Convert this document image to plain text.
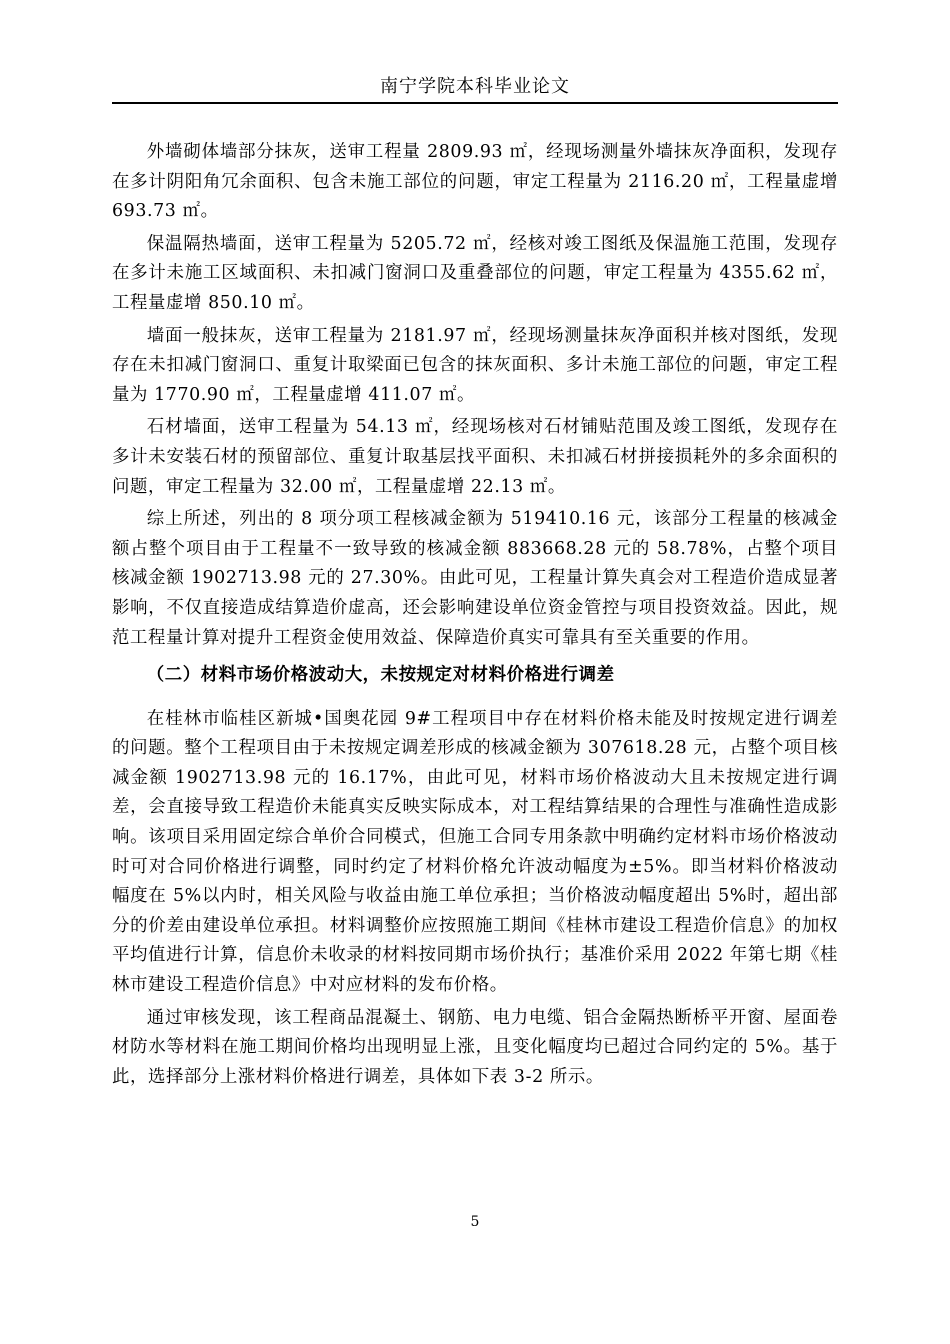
南宁学院本科毕业论文

外墙砌体墙部分抹灰，送审工程量 2809.93 ㎡，经现场测量外墙抹灰净面积，发现存在多计阴阳角冗余面积、包含未施工部位的问题，审定工程量为 2116.20 ㎡，工程量虚增 693.73 ㎡。

保温隔热墙面，送审工程量为 5205.72 ㎡，经核对竣工图纸及保温施工范围，发现存在多计未施工区域面积、未扣减门窗洞口及重叠部位的问题，审定工程量为 4355.62 ㎡，工程量虚增 850.10 ㎡。

墙面一般抹灰，送审工程量为 2181.97 ㎡，经现场测量抹灰净面积并核对图纸，发现存在未扣减门窗洞口、重复计取梁面已包含的抹灰面积、多计未施工部位的问题，审定工程量为 1770.90 ㎡，工程量虚增 411.07 ㎡。

石材墙面，送审工程量为 54.13 ㎡，经现场核对石材铺贴范围及竣工图纸，发现存在多计未安装石材的预留部位、重复计取基层找平面积、未扣减石材拼接损耗外的多余面积的问题，审定工程量为 32.00 ㎡，工程量虚增 22.13 ㎡。

综上所述，列出的 8 项分项工程核减金额为 519410.16 元，该部分工程量的核减金额占整个项目由于工程量不一致导致的核减金额 883668.28 元的 58.78%，占整个项目核减金额 1902713.98 元的 27.30%。由此可见，工程量计算失真会对工程造价造成显著影响，不仅直接造成结算造价虚高，还会影响建设单位资金管控与项目投资效益。因此，规范工程量计算对提升工程资金使用效益、保障造价真实可靠具有至关重要的作用。

（二）材料市场价格波动大，未按规定对材料价格进行调差

在桂林市临桂区新城•国奥花园 9#工程项目中存在材料价格未能及时按规定进行调差的问题。整个工程项目由于未按规定调差形成的核减金额为 307618.28 元，占整个项目核减金额 1902713.98 元的 16.17%，由此可见，材料市场价格波动大且未按规定进行调差，会直接导致工程造价未能真实反映实际成本，对工程结算结果的合理性与准确性造成影响。该项目采用固定综合单价合同模式，但施工合同专用条款中明确约定材料市场价格波动时可对合同价格进行调整，同时约定了材料价格允许波动幅度为±5%。即当材料价格波动幅度在 5%以内时，相关风险与收益由施工单位承担；当价格波动幅度超出 5%时，超出部分的价差由建设单位承担。材料调整价应按照施工期间《桂林市建设工程造价信息》的加权平均值进行计算，信息价未收录的材料按同期市场价执行；基准价采用 2022 年第七期《桂林市建设工程造价信息》中对应材料的发布价格。

通过审核发现，该工程商品混凝土、钢筋、电力电缆、铝合金隔热断桥平开窗、屋面卷材防水等材料在施工期间价格均出现明显上涨，且变化幅度均已超过合同约定的 5%。基于此，选择部分上涨材料价格进行调差，具体如下表 3-2 所示。

5
